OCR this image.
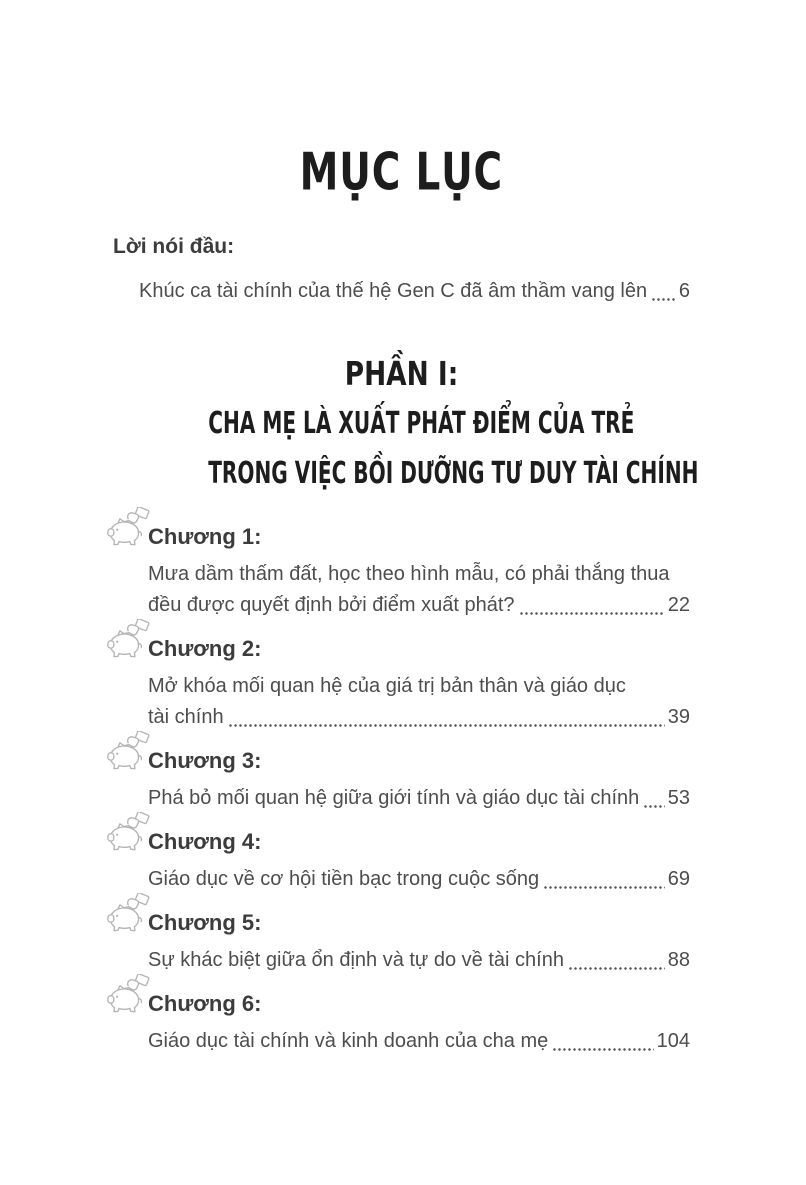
MỤC LỤC
Lời nói đầu:
Khúc ca tài chính của thế hệ Gen C đã âm thầm vang lên 6
PHẦN I:
CHA MẸ LÀ XUẤT PHÁT ĐIỂM CỦA TRẺ
TRONG VIỆC BỒI DƯỠNG TƯ DUY TÀI CHÍNH
Chương 1:
Mưa dầm thấm đất, học theo hình mẫu, có phải thắng thua
đều được quyết định bởi điểm xuất phát?	22
Chương 2:
Mở khóa mối quan hệ của giá trị bản thân và giáo dục
tài chính	39
Chương 3:
Phá bỏ mối quan hệ giữa giới tính và giáo dục tài chính 53
Chương 4:
Giáo dục về cơ hội tiền bạc trong cuộc sống	69
Chương 5:
Sự khác biệt giữa ổn định và tự do về tài chính	88
Chương 6:
Giáo dục tài chính và kinh doanh của cha mẹ	104
